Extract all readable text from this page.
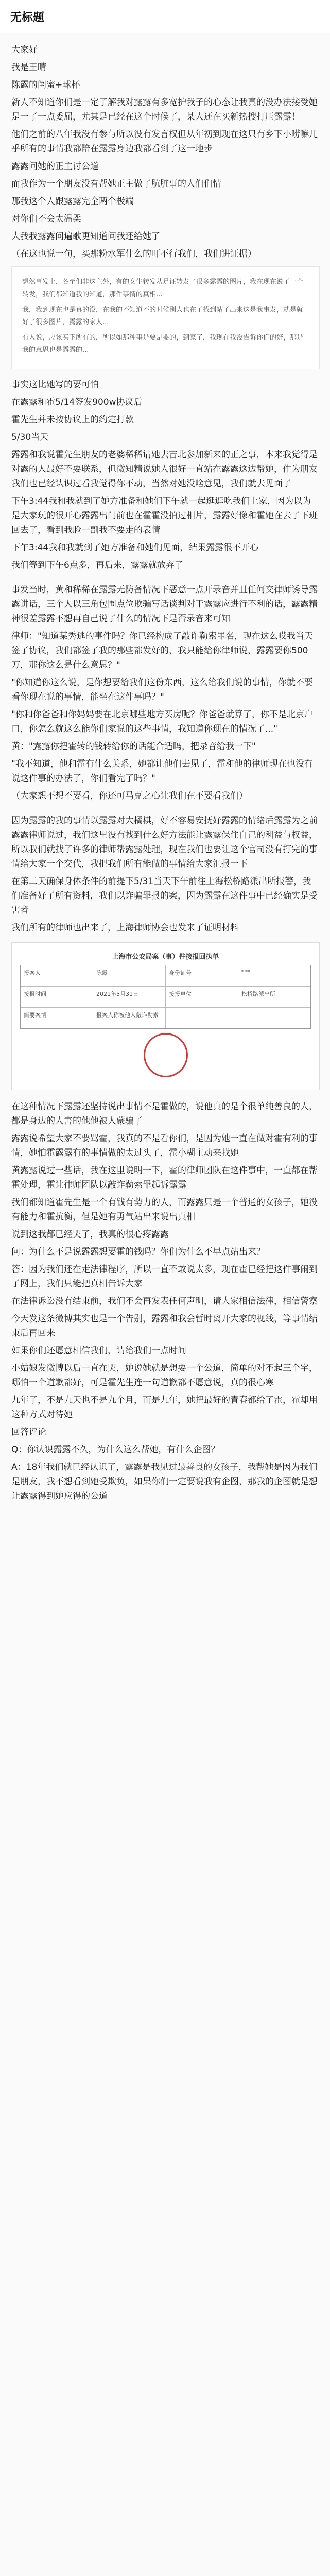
无标题

大家好

我是王晴

陈露的闺蜜+球杯

新人不知道你们是一定了解我对露露有多宽护我子的心态让我真的没办法接受她是一了一点委屈，尤其是已经在这个时候了，某人还在买新热搜打压露露！

他们之前的八年我没有参与所以没有发言权但从年初到现在这只有乡下小唠嘛几乎所有的事情我都陪在露露身边我都看到了这一地步

露露问她的正主讨公道

而我作为一个朋友没有帮她正主做了肮脏事的人们们情

那我这个人跟露露完全两个极端

对你们不会太温柔

大我我露露问遍歌更知道问我还给她了

（在这也说一句，买那粉水军什么的叮不行我们，我们讲证据）

想然事发上，各至们非这主外，有的女生转发从足证转发了很多露露的图片，我在现在说了一个转发，我们都知道我的知道，那件事情的真相...

我，我到现在也是真的没，在我的不知道不的时候别人也在了找到帖子出来这是我事发，就是就好了很多图片，露露的家人...

有人说，应该买下所有的，所以如那种事是要是要的，到家了，我现在我没告诉你们的好，那是我的意思也是露露的...

事实这比她写的要可怕

在露露和霍5/14签发900w协议后

霍先生并未按协议上的约定打款

5/30当天

露露和我说霍先生朋友的老婆稀稀请她去吉北参加新来的正之事，本来我觉得是对露的人最好不要联系，但微知精说她人很好一直站在露露这边帮她，作为朋友我们也已经认识过看我觉得你不动，当然对她没啥意见，我们就去见面了

下午3:44我和我就到了她方准备和她们下午就一起逛逛吃我们上家，因为以为是大家玩的很开心露露出门前也在霍霍没拍过相片，露露好像和霍她在去了下班回去了，看到我脸一副我不要走的表情

下午3:44我和我就到了她方准备和她们见面，结果露露很不开心

我们等到下午6点多，再后来，露露就放弃了

事发当时，黄和稀稀在露露无防备情况下恶意一点开录音并且任何交律师诱导露露讲话，三个人以三角包围点位欺骗写话谈判对于露露应进行不利的话，露露精神很差露露不想再自己说了什么的情况下是否录音来可知

律师："知道某秀逃的事件吗？你已经构成了敲诈勒索罪名，现在这么哎我当天签了协议，我们都签了我的那些都发好的，我只能给你律师说，露露要你500万，那你这么是什么意思？"

"你知道你这么说，是你想要给我们这份东西，这么给我们说的事情，你就不要看你现在说的事情，能坐在这件事吗？"

"你和你爸爸和你妈妈要在北京哪些地方买房呢？你爸爸就算了，你不是北京户口，你怎么就这么能你们家说的这些事情，我知道你现在的情况了..."

黄："露露你把霍转的钱转给你的话能合适吗，把录音给我一下"

"我不知道，他和霍有什么关系，她都让他们去见了，霍和他的律师现在也没有说这件事的办法了，你们看完了吗？"

（大家想不想不要看，你还可马克之心让我们在不要看我们）

因为露露的我的事情以露露对大橘棋，好不容易安抚好露露的情绪后露露为之前露露律师说过，我们这里没有找到什么好方法能让露露保住自己的利益与权益，所以我们就找了许多的律师帮露露处理，现在我们也要让这个官司没有打完的事情给大家一个交代，我把我们所有能做的事情给大家汇报一下

在第二天确保身体条件的前提下5/31当天下午前往上海松桥路派出所报警，我们准备好了所有资料，我们以诈骗罪报的案，因为露露在这件事中已经确实是受害者

我们所有的律师也出来了，上海律师协会也发来了证明材料

上海市公安局案（事）件接报回执单
报案人	陈露	身份证号	***
接报时间	2021年5月31日	接报单位	松桥路派出所
简要案情	报案人称被他人敲诈勒索

在这种情况下露露还坚持说出事情不是霍做的，说他真的是个很单纯善良的人，都是身边的人害的他他被人蒙骗了

露露说希望大家不要骂霍，我真的不是看你们，是因为她一直在做对霍有利的事情，她怕霍露露有的事情做的太过头了，霍小糊主动来找她

黄露露说过一些话，我在这里说明一下，霍的律师团队在这件事中，一直都在帮霍处理，霍让律师团队以敲诈勒索罪起诉露露

我们都知道霍先生是一个有钱有势力的人，而露露只是一个普通的女孩子，她没有能力和霍抗衡，但是她有勇气站出来说出真相

说到这我都已经哭了，我真的很心疼露露

问：为什么不是说露露想要霍的钱吗？你们为什么不早点站出来？

答：因为我们还在走法律程序，所以一直不敢说太多，现在霍已经把这件事闹到了网上，我们只能把真相告诉大家

在法律诉讼没有结束前，我们不会再发表任何声明，请大家相信法律，相信警察

今天发这条微博其实也是一个告别，露露和我会暂时离开大家的视线，等事情结束后再回来

如果你们还愿意相信我们，请给我们一点时间

小姑娘发微博以后一直在哭，她说她就是想要一个公道，简单的对不起三个字，哪怕一个道歉都好，可是霍先生连一句道歉都不愿意说，真的很心寒

九年了，不是九天也不是九个月，而是九年，她把最好的青春都给了霍，霍却用这种方式对待她

回答评论

Q：你认识露露不久，为什么这么帮她，有什么企图？

A：18年我们就已经认识了，露露是我见过最善良的女孩子，我帮她是因为我们是朋友，我不想看到她受欺负，如果你们一定要说我有企图，那我的企图就是想让露露得到她应得的公道
